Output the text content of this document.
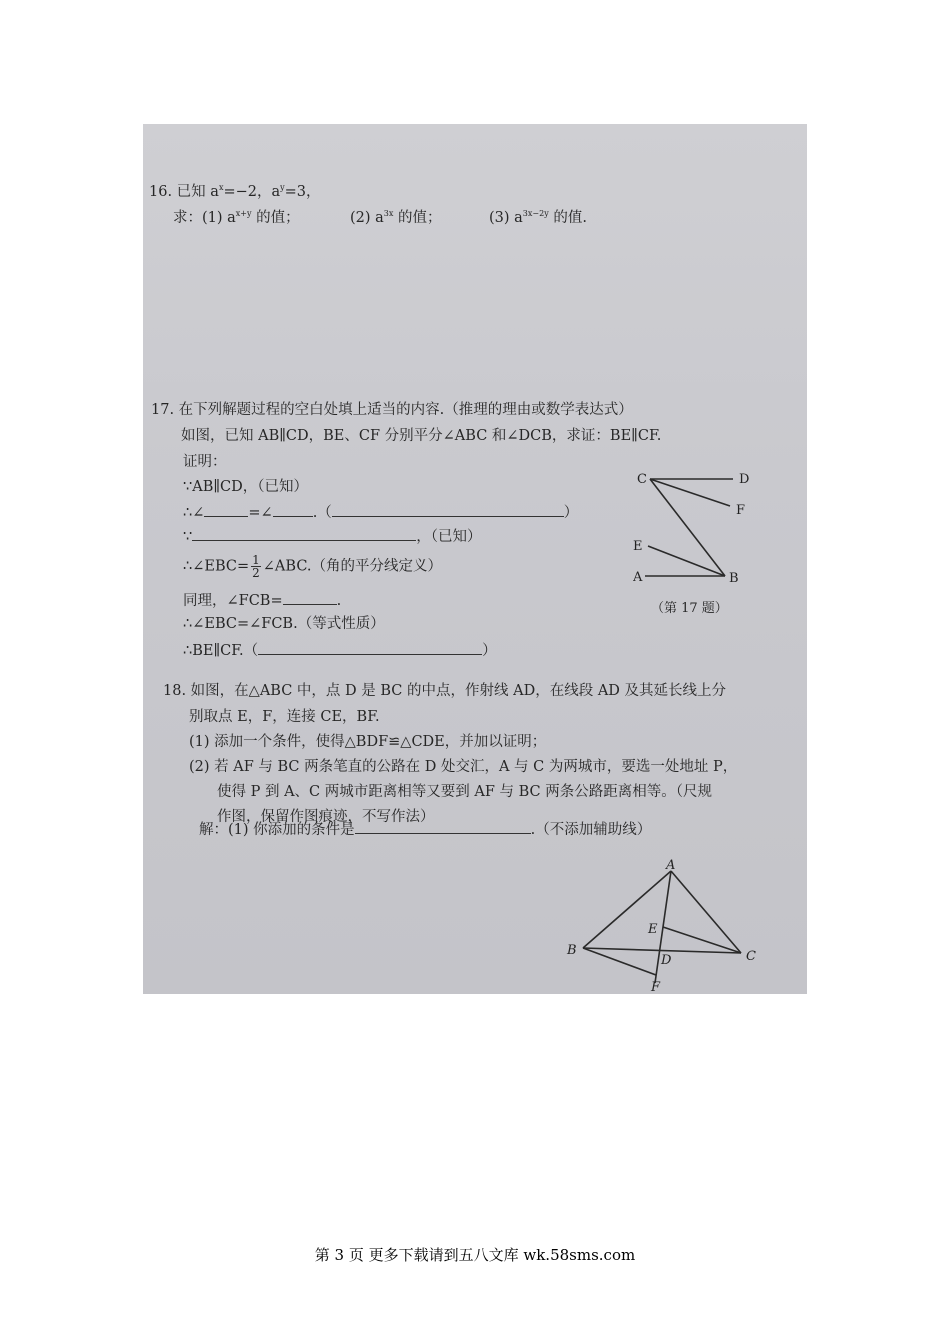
16. 已知 $a^x=-2$，$a^y=3$，
求：(1) $a^{x+y}$ 的值；	(2) $a^{3x}$ 的值；	(3) $a^{3x-2y}$ 的值.
17. 在下列解题过程的空白处填上适当的内容.（推理的理由或数学表达式）
如图，已知 AB∥CD，BE、CF 分别平分∠ABC 和∠DCB，求证：BE∥CF.
证明：
∵AB∥CD，（已知）
∴∠	=∠	.（	）
∵	，（已知）
∴∠EBC= $\frac{1}{2}$ ∠ABC.（角的平分线定义）
同理，∠FCB=	.
∴∠EBC=∠FCB.（等式性质）
∴BE∥CF.（	）
C	D
F
E
A	B
（第 17 题）
18. 如图，在△ABC 中，点 D 是 BC 的中点，作射线 AD，在线段 AD 及其延长线上分
别取点 E，F，连接 CE，BF.
(1) 添加一个条件，使得△BDF≌△CDE，并加以证明；
(2) 若 AF 与 BC 两条笔直的公路在 D 处交汇，A 与 C 为两城市，要选一处地址 P，
使得 P 到 A、C 两城市距离相等又要到 AF 与 BC 两条公路距离相等。（尺规
作图，保留作图痕迹，不写作法）
解：(1) 你添加的条件是	.（不添加辅助线）
A
E
B
D	C
F
第 3 页 更多下载请到五八文库 wk.58sms.com
